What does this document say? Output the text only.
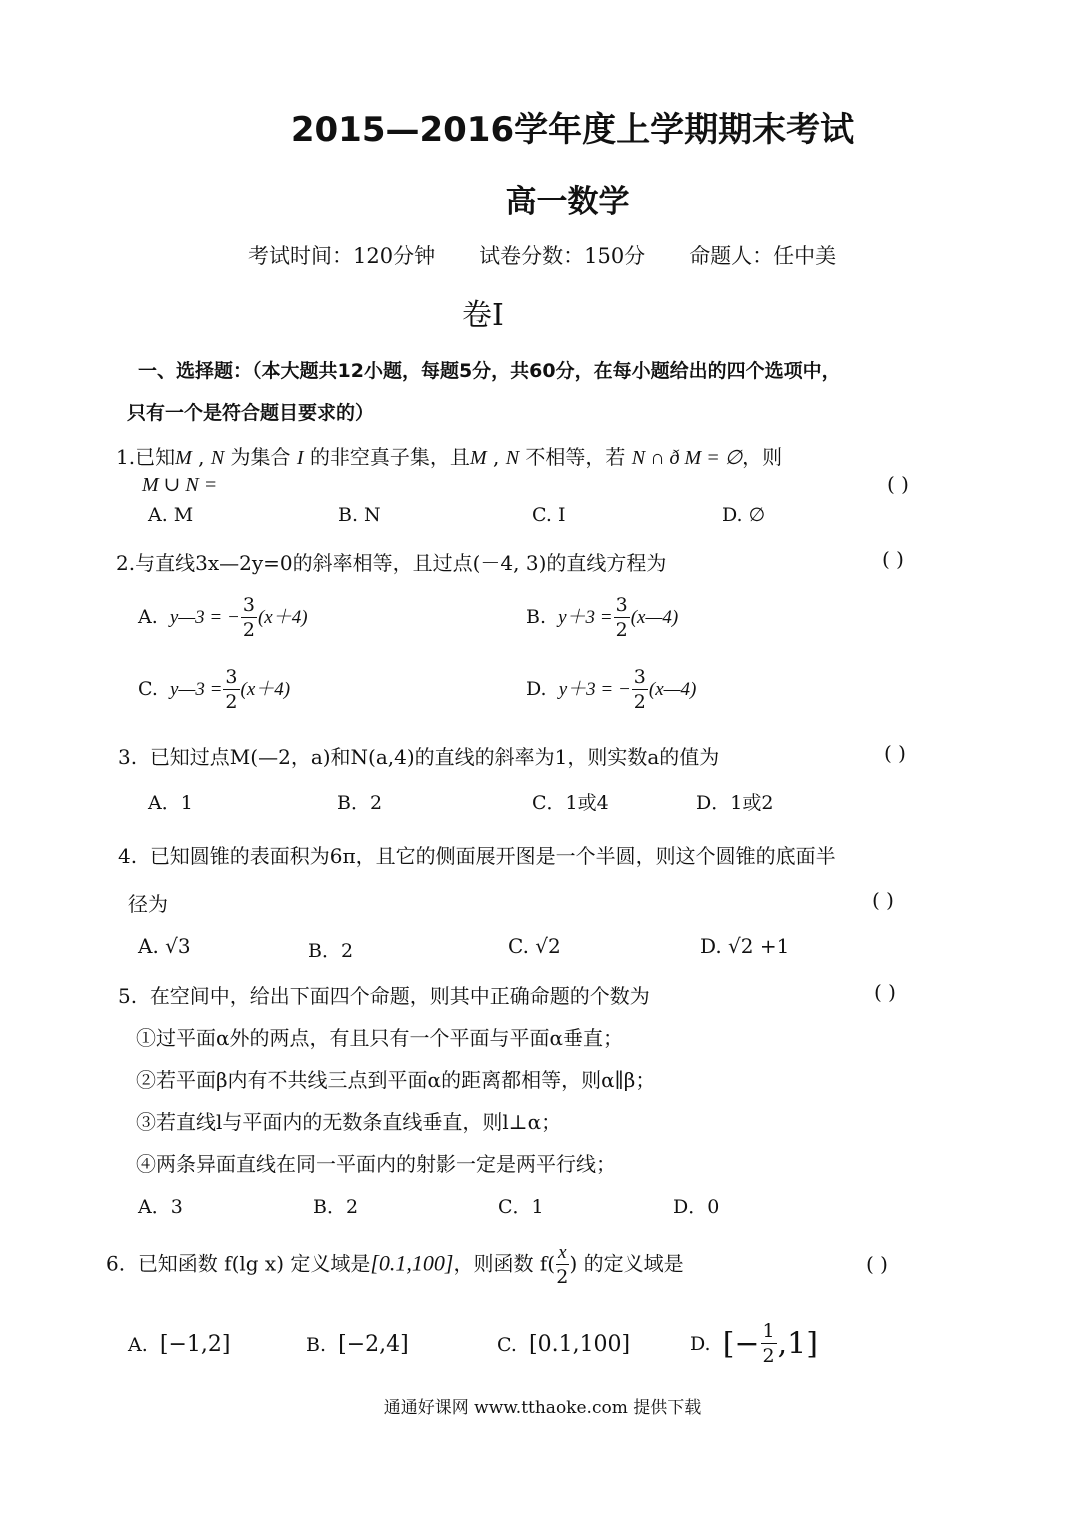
2015—2016学年度上学期期末考试
高一数学
考试时间：120分钟 试卷分数：150分 命题人：任中美
卷Ⅰ
一、选择题：（本大题共12小题，每题5分，共60分，在每小题给出的四个选项中，
只有一个是符合题目要求的）
1.已知M , N 为集合 I 的非空真子集，且M , N 不相等，若 N ∩ ð M = ∅，则
M ∪ N =	( )
A. M	B. N	C. I	D. ∅
2.与直线3x—2y=0的斜率相等，且过点(－4, 3)的直线方程为	( )
A. y—3 = − $\frac{3}{2} (x+4)$	B. $y+3 = \frac{3}{2}$ (x—4)
C. y—3 = $\frac{3}{2} (x+4)$	D. y＋3 = − $\frac{3}{2}$ (x—4)
3. 已知过点M(—2，a)和N(a,4)的直线的斜率为1，则实数a的值为	( )
A．1	B．2	C．1或4	D．1或2
4. 已知圆锥的表面积为6π，且它的侧面展开图是一个半圆，则这个圆锥的底面半
径为	( )
A. √3	B．2	C. √2	D. √2 +1
5. 在空间中，给出下面四个命题，则其中正确命题的个数为	( )
①过平面α外的两点，有且只有一个平面与平面α垂直；
②若平面β内有不共线三点到平面α的距离都相等，则α∥β；
③若直线l与平面内的无数条直线垂直，则l⊥α；
④两条异面直线在同一平面内的射影一定是两平行线；
A．3	B．2	C．1	D．0
6. 已知函数 f(lg x) 定义域是[0.1,100]，则函数 $f( \frac{x}{2}$ ) 的定义域是	( )
A. [−1,2]	B. [−2,4]	C. [0.1,100]	D. [− $\frac{1}{2} ,1$]
通通好课网 www.tthaoke.com 提供下载
